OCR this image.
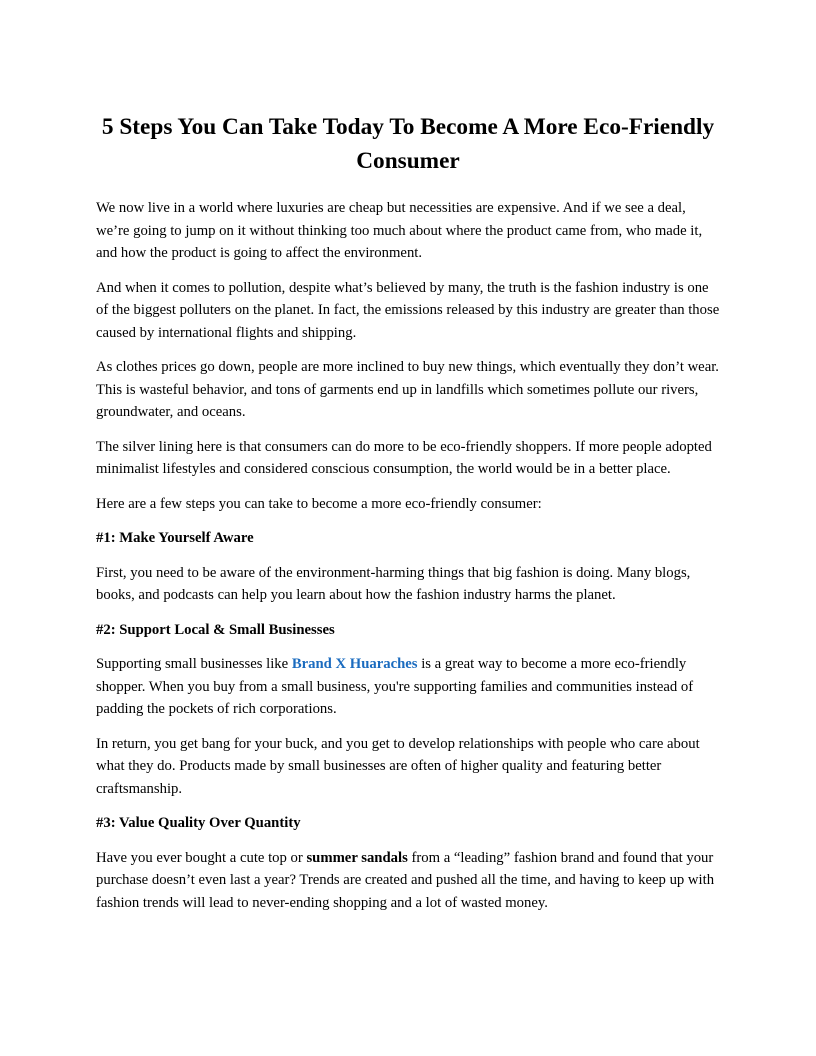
5 Steps You Can Take Today To Become A More Eco-Friendly Consumer

We now live in a world where luxuries are cheap but necessities are expensive. And if we see a deal, we’re going to jump on it without thinking too much about where the product came from, who made it, and how the product is going to affect the environment.

And when it comes to pollution, despite what’s believed by many, the truth is the fashion industry is one of the biggest polluters on the planet. In fact, the emissions released by this industry are greater than those caused by international flights and shipping.

As clothes prices go down, people are more inclined to buy new things, which eventually they don’t wear. This is wasteful behavior, and tons of garments end up in landfills which sometimes pollute our rivers, groundwater, and oceans.

The silver lining here is that consumers can do more to be eco-friendly shoppers. If more people adopted minimalist lifestyles and considered conscious consumption, the world would be in a better place.

Here are a few steps you can take to become a more eco-friendly consumer:

#1: Make Yourself Aware

First, you need to be aware of the environment-harming things that big fashion is doing. Many blogs, books, and podcasts can help you learn about how the fashion industry harms the planet.

#2: Support Local & Small Businesses

Supporting small businesses like Brand X Huaraches is a great way to become a more eco-friendly shopper. When you buy from a small business, you're supporting families and communities instead of padding the pockets of rich corporations.

In return, you get bang for your buck, and you get to develop relationships with people who care about what they do. Products made by small businesses are often of higher quality and featuring better craftsmanship.

#3: Value Quality Over Quantity

Have you ever bought a cute top or summer sandals from a “leading” fashion brand and found that your purchase doesn’t even last a year? Trends are created and pushed all the time, and having to keep up with fashion trends will lead to never-ending shopping and a lot of wasted money.
